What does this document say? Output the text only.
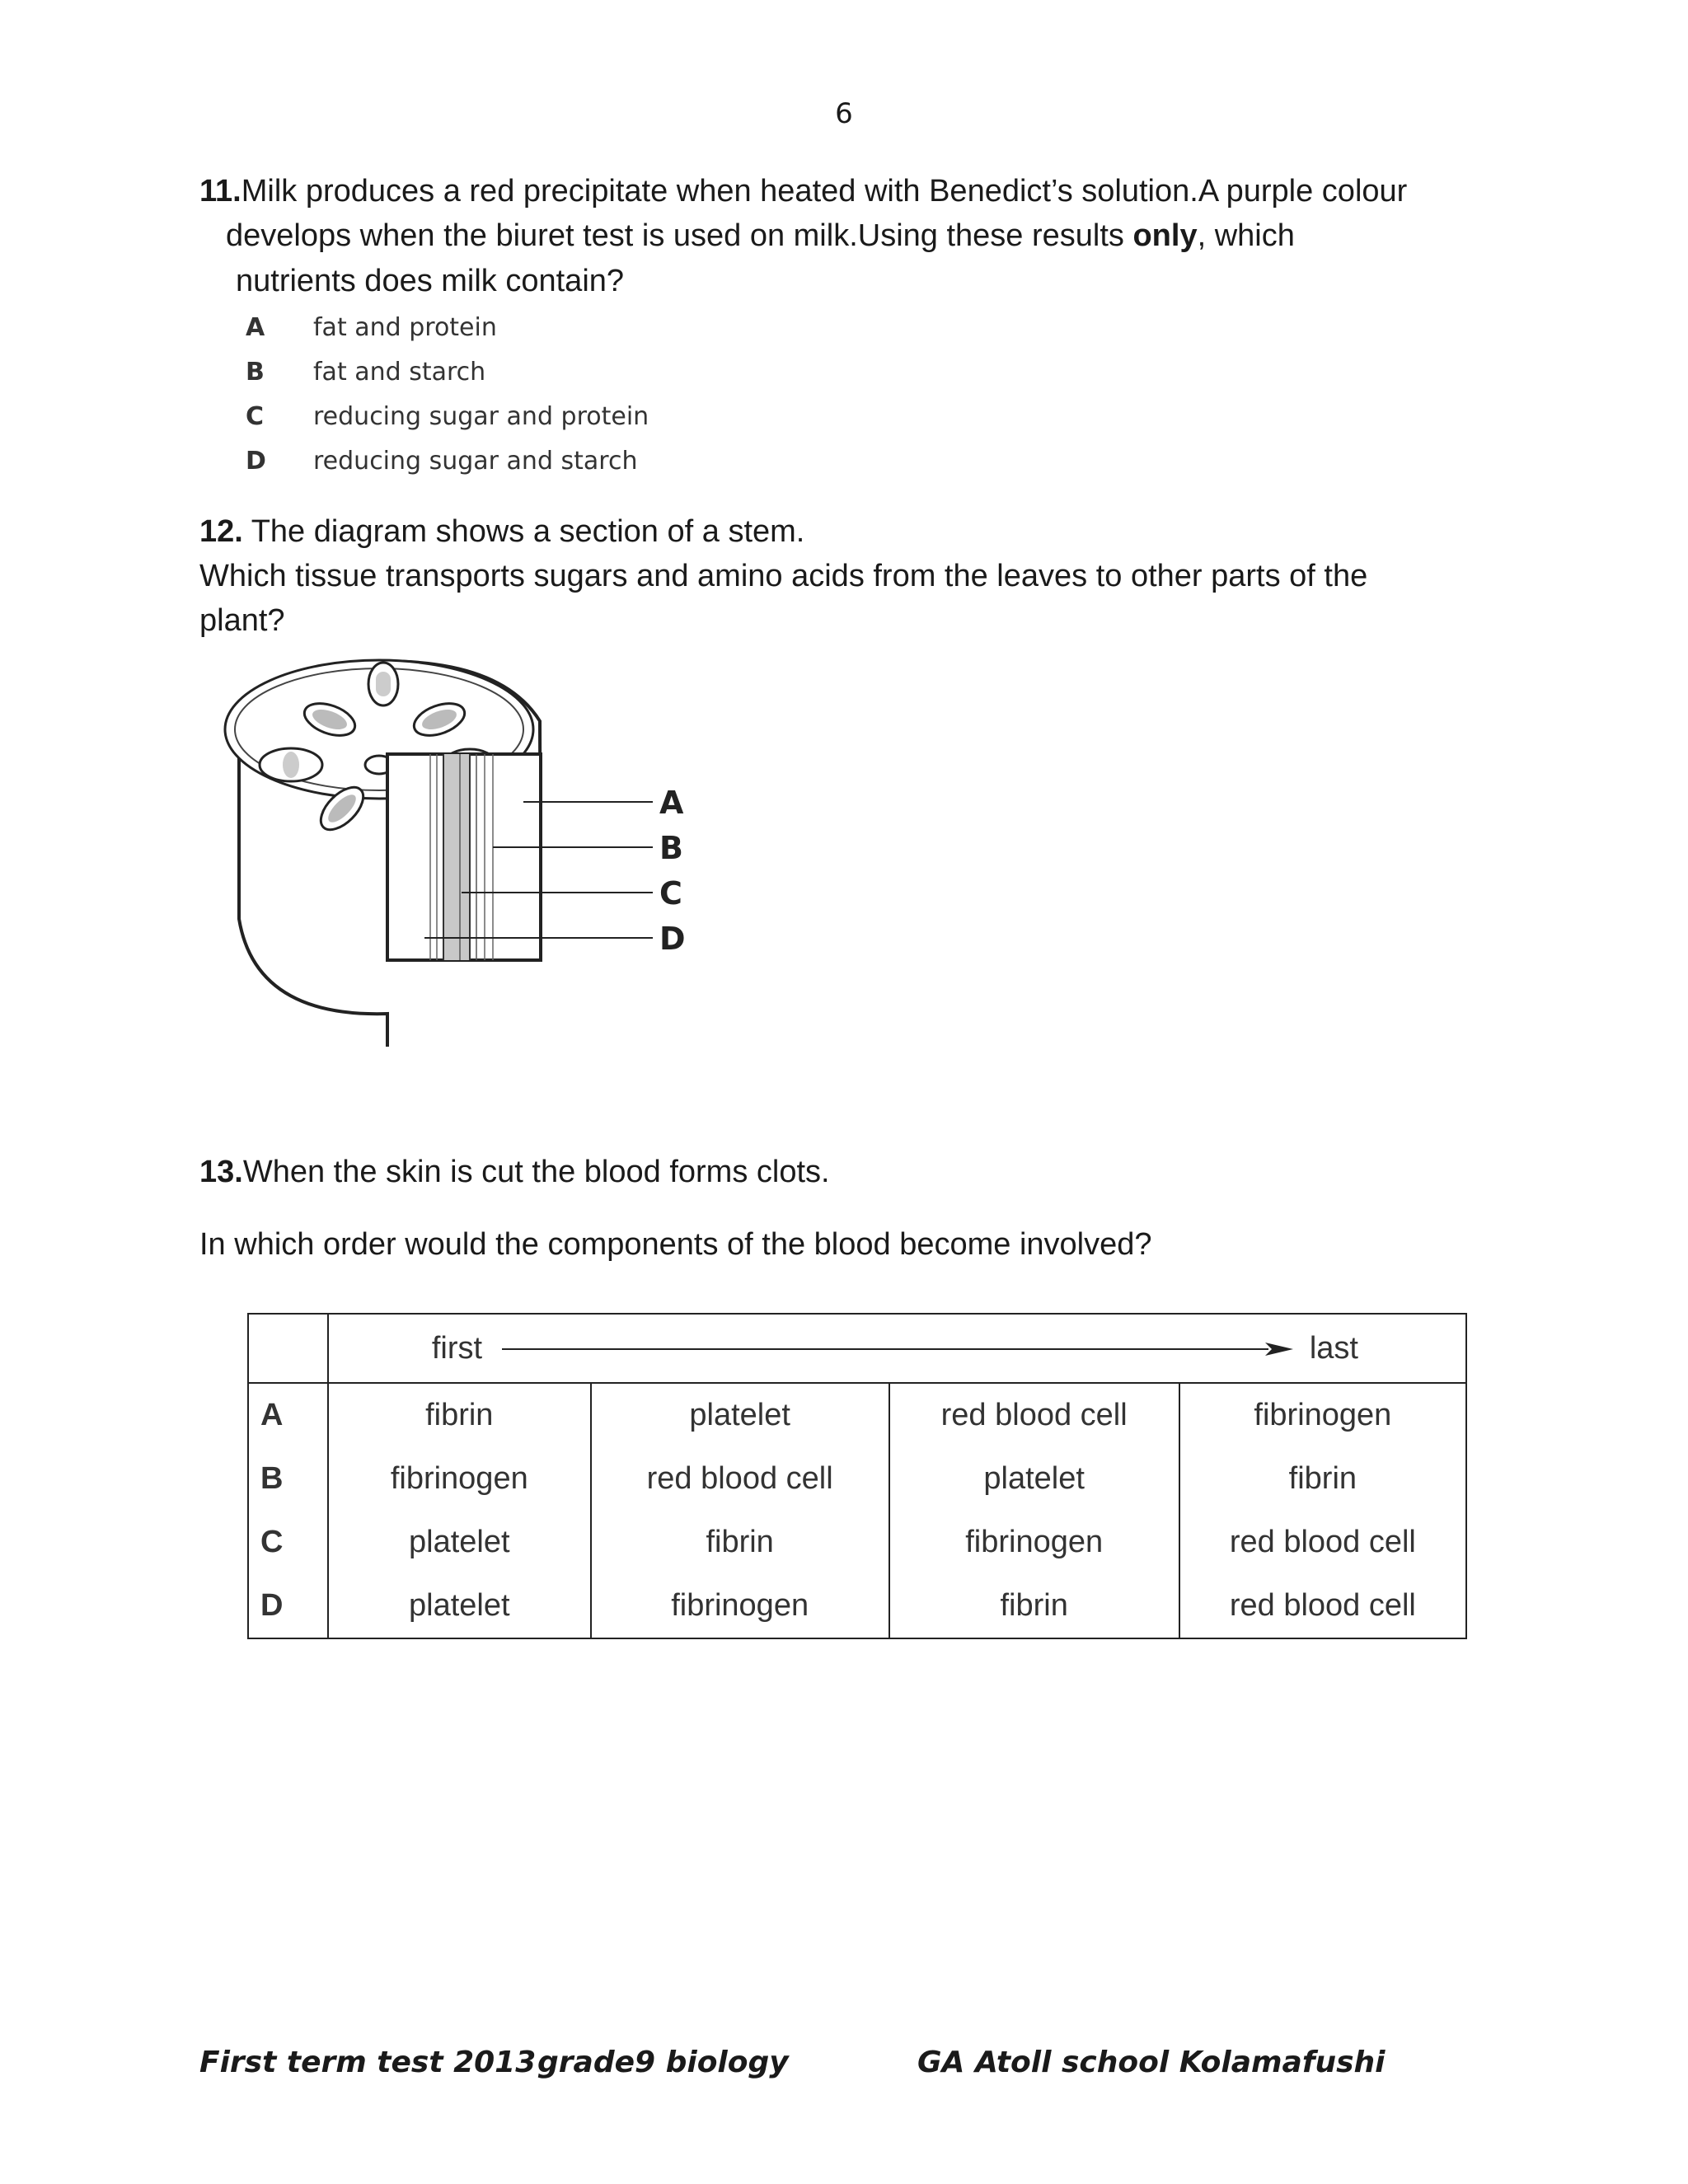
6
11.Milk produces a red precipitate when heated with Benedict’s solution.A purple colour
develops when the biuret test is used on milk.Using these results only, which
nutrients does milk contain?
A fat and protein
B fat and starch
C reducing sugar and protein
D reducing sugar and starch
12. The diagram shows a section of a stem.
Which tissue transports sugars and amino acids from the leaves to other parts of the
plant?
A
B
C
D
13.When the skin is cut the blood forms clots.
In which order would the components of the blood become involved?

	first last			

A	fibrin	platelet	red blood cell	fibrinogen
B	fibrinogen	red blood cell	platelet	fibrin
C	platelet	fibrin	fibrinogen	red blood cell
D	platelet	fibrinogen	fibrin	red blood cell
First term test 2013 grade9 biology	GA Atoll school Kolamafushi
